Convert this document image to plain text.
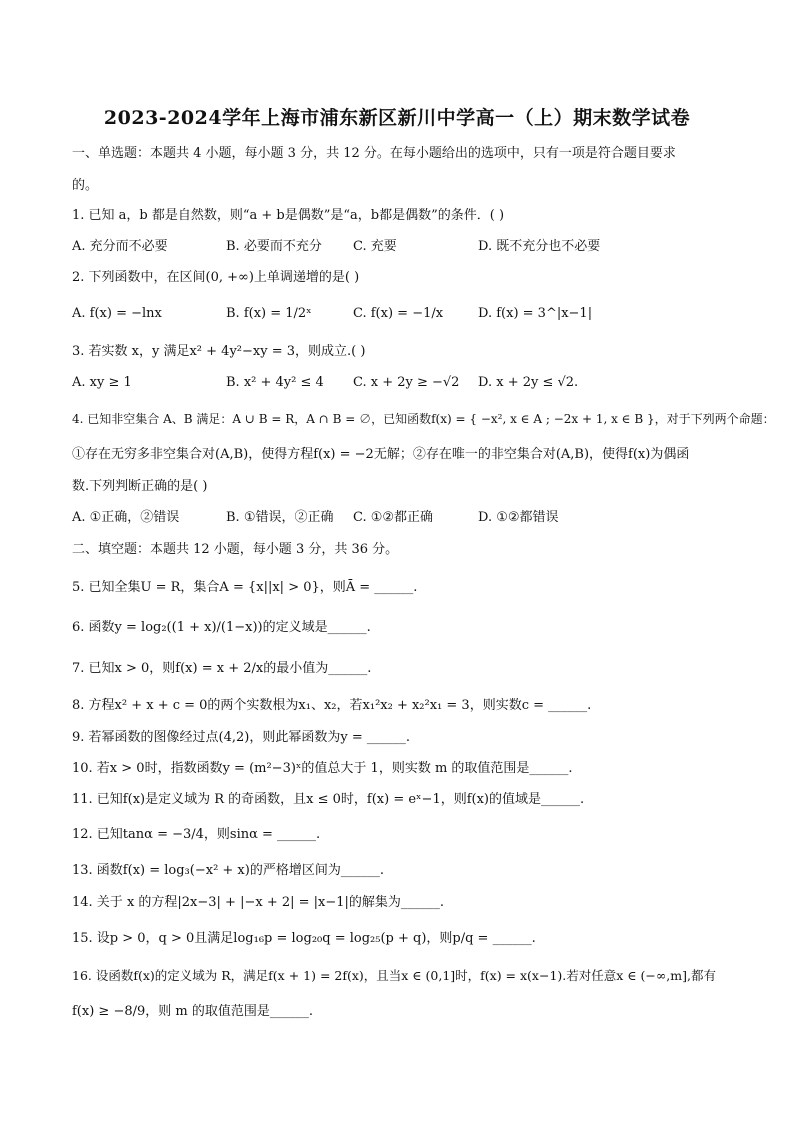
2023-2024学年上海市浦东新区新川中学高一（上）期末数学试卷
一、单选题：本题共 4 小题，每小题 3 分，共 12 分。在每小题给出的选项中，只有一项是符合题目要求
的。
1. 已知 a，b 都是自然数，则“a + b是偶数”是“a，b都是偶数”的条件．( )
A. 充分而不必要	B. 必要而不充分 C. 充要	D. 既不充分也不必要
2. 下列函数中，在区间(0, +∞)上单调递增的是( )
A. f(x) = −lnx	B. f(x) = 1/2ˣ	C. f(x) = −1/x	D. f(x) = 3^|x−1|
3. 若实数 x，y 满足x² + 4y²−xy = 3，则成立.( )
A. xy ≥ 1	B. x² + 4y² ≤ 4 C. x + 2y ≥ −√2 D. x + 2y ≤ √2.
4. 已知非空集合 A、B 满足：A ∪ B = R，A ∩ B = ∅，已知函数f(x) = { −x², x ∈ A ; −2x + 1, x ∈ B }，对于下列两个命题：
①存在无穷多非空集合对(A,B)，使得方程f(x) = −2无解；②存在唯一的非空集合对(A,B)，使得f(x)为偶函
数.下列判断正确的是( )
A. ①正确，②错误	B. ①错误，②正确 C. ①②都正确	D. ①②都错误
二、填空题：本题共 12 小题，每小题 3 分，共 36 分。
5. 已知全集U = R，集合A = {x||x| > 0}，则Ā = ______.
6. 函数y = log₂((1 + x)/(1−x))的定义域是______.
7. 已知x > 0，则f(x) = x + 2/x的最小值为______.
8. 方程x² + x + c = 0的两个实数根为x₁、x₂，若x₁²x₂ + x₂²x₁ = 3，则实数c = ______.
9. 若幂函数的图像经过点(4,2)，则此幂函数为y = ______.
10. 若x > 0时，指数函数y = (m²−3)ˣ的值总大于 1，则实数 m 的取值范围是______.
11. 已知f(x)是定义域为 R 的奇函数，且x ≤ 0时，f(x) = eˣ−1，则f(x)的值域是______.
12. 已知tanα = −3/4，则sinα = ______.
13. 函数f(x) = log₃(−x² + x)的严格增区间为______.
14. 关于 x 的方程|2x−3| + |−x + 2| = |x−1|的解集为______.
15. 设p > 0，q > 0且满足log₁₆p = log₂₀q = log₂₅(p + q)，则p/q = ______.
16. 设函数f(x)的定义域为 R，满足f(x + 1) = 2f(x)，且当x ∈ (0,1]时，f(x) = x(x−1).若对任意x ∈ (−∞,m],都有
f(x) ≥ −8/9，则 m 的取值范围是______.
